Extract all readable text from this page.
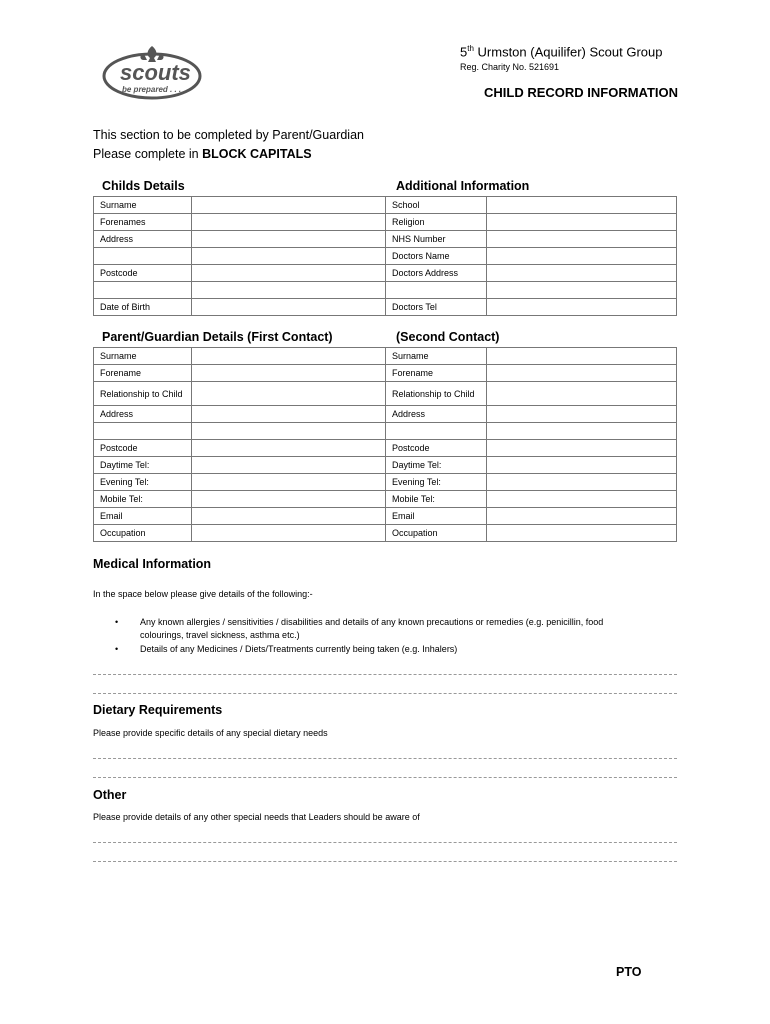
scouts
be prepared . . .
5th Urmston (Aquilifer) Scout Group
Reg. Charity No. 521691
CHILD RECORD INFORMATION
This section to be completed by Parent/Guardian
Please complete in BLOCK CAPITALS
Childs Details	Additional Information
Surname		School	
Forenames		Religion	
Address		NHS Number	
		Doctors Name	
Postcode		Doctors Address	

Date of Birth		Doctors Tel	
Parent/Guardian Details (First Contact)	(Second Contact)
Surname		Surname	
Forename		Forename	
Relationship to Child		Relationship to Child	
Address		Address	

Postcode		Postcode	
Daytime Tel:		Daytime Tel:	
Evening Tel:		Evening Tel:	
Mobile Tel:		Mobile Tel:	
Email		Email	
Occupation		Occupation	
Medical Information
In the space below please give details of the following:-
• Any known allergies / sensitivities / disabilities and details of any known precautions or remedies (e.g. penicillin, food colourings, travel sickness, asthma etc.)
• Details of any Medicines / Diets/Treatments currently being taken (e.g. Inhalers)
Dietary Requirements
Please provide specific details of any special dietary needs
Other
Please provide details of any other special needs that Leaders should be aware of
PTO
